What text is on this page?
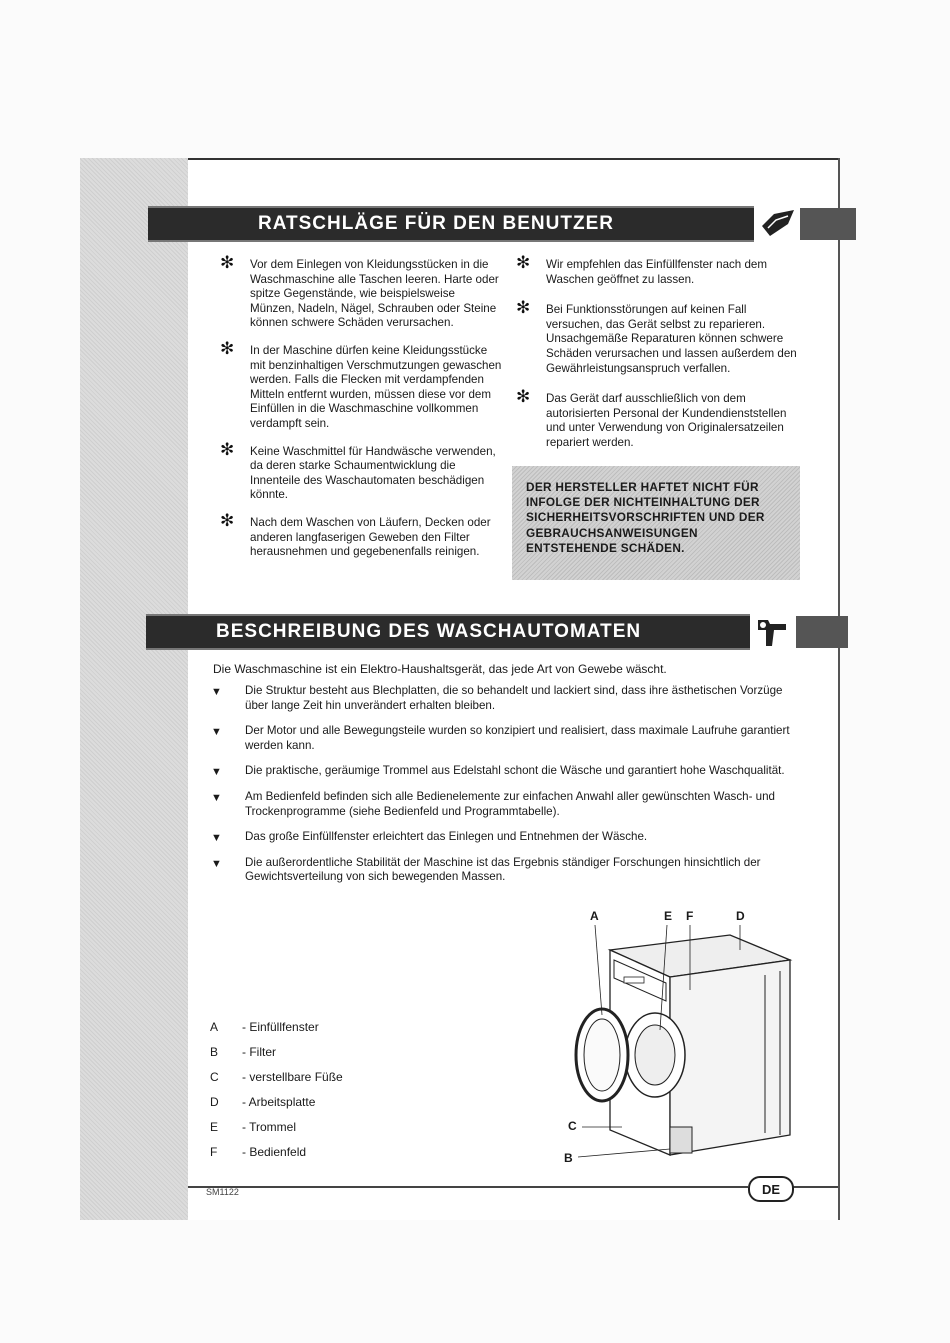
RATSCHLÄGE FÜR DEN BENUTZER
✻ Vor dem Einlegen von Kleidungsstücken in die Waschmaschine alle Taschen leeren. Harte oder spitze Gegenstände, wie beispielsweise Münzen, Nadeln, Nägel, Schrauben oder Steine können schwere Schäden verursachen.
✻ In der Maschine dürfen keine Kleidungsstücke mit benzinhaltigen Verschmutzungen gewaschen werden. Falls die Flecken mit verdampfenden Mitteln entfernt wurden, müssen diese vor dem Einfüllen in die Waschmaschine vollkommen verdampft sein.
✻ Keine Waschmittel für Handwäsche verwenden, da deren starke Schaumentwicklung die Innenteile des Waschautomaten beschädigen könnte.
✻ Nach dem Waschen von Läufern, Decken oder anderen langfaserigen Geweben den Filter herausnehmen und gegebenenfalls reinigen.
✻ Wir empfehlen das Einfüllfenster nach dem Waschen geöffnet zu lassen.
✻ Bei Funktionsstörungen auf keinen Fall versuchen, das Gerät selbst zu reparieren. Unsachgemäße Reparaturen können schwere Schäden verursachen und lassen außerdem den Gewährleistungsanspruch verfallen.
✻ Das Gerät darf ausschließlich von dem autorisierten Personal der Kundendienststellen und unter Verwendung von Originalersatzeilen repariert werden.
DER HERSTELLER HAFTET NICHT FÜR INFOLGE DER NICHTEINHALTUNG DER SICHERHEITSVORSCHRIFTEN UND DER GEBRAUCHSANWEISUNGEN ENTSTEHENDE SCHÄDEN.
BESCHREIBUNG DES WASCHAUTOMATEN
Die Waschmaschine ist ein Elektro-Haushaltsgerät, das jede Art von Gewebe wäscht.
▼ Die Struktur besteht aus Blechplatten, die so behandelt und lackiert sind, dass ihre ästhetischen Vorzüge über lange Zeit hin unverändert erhalten bleiben.
▼ Der Motor und alle Bewegungsteile wurden so konzipiert und realisiert, dass maximale Laufruhe garantiert werden kann.
▼ Die praktische, geräumige Trommel aus Edelstahl schont die Wäsche und garantiert hohe Waschqualität.
▼ Am Bedienfeld befinden sich alle Bedienelemente zur einfachen Anwahl aller gewünschten Wasch- und Trockenprogramme (siehe Bedienfeld und Programmtabelle).
▼ Das große Einfüllfenster erleichtert das Einlegen und Entnehmen der Wäsche.
▼ Die außerordentliche Stabilität der Maschine ist das Ergebnis ständiger Forschungen hinsichtlich der Gewichtsverteilung von sich bewegenden Massen.
A	- Einfüllfenster
B	- Filter
C	- verstellbare Füße
D	- Arbeitsplatte
E	- Trommel
F	- Bedienfeld
A	E F	D
C
B
DE
SM1122
